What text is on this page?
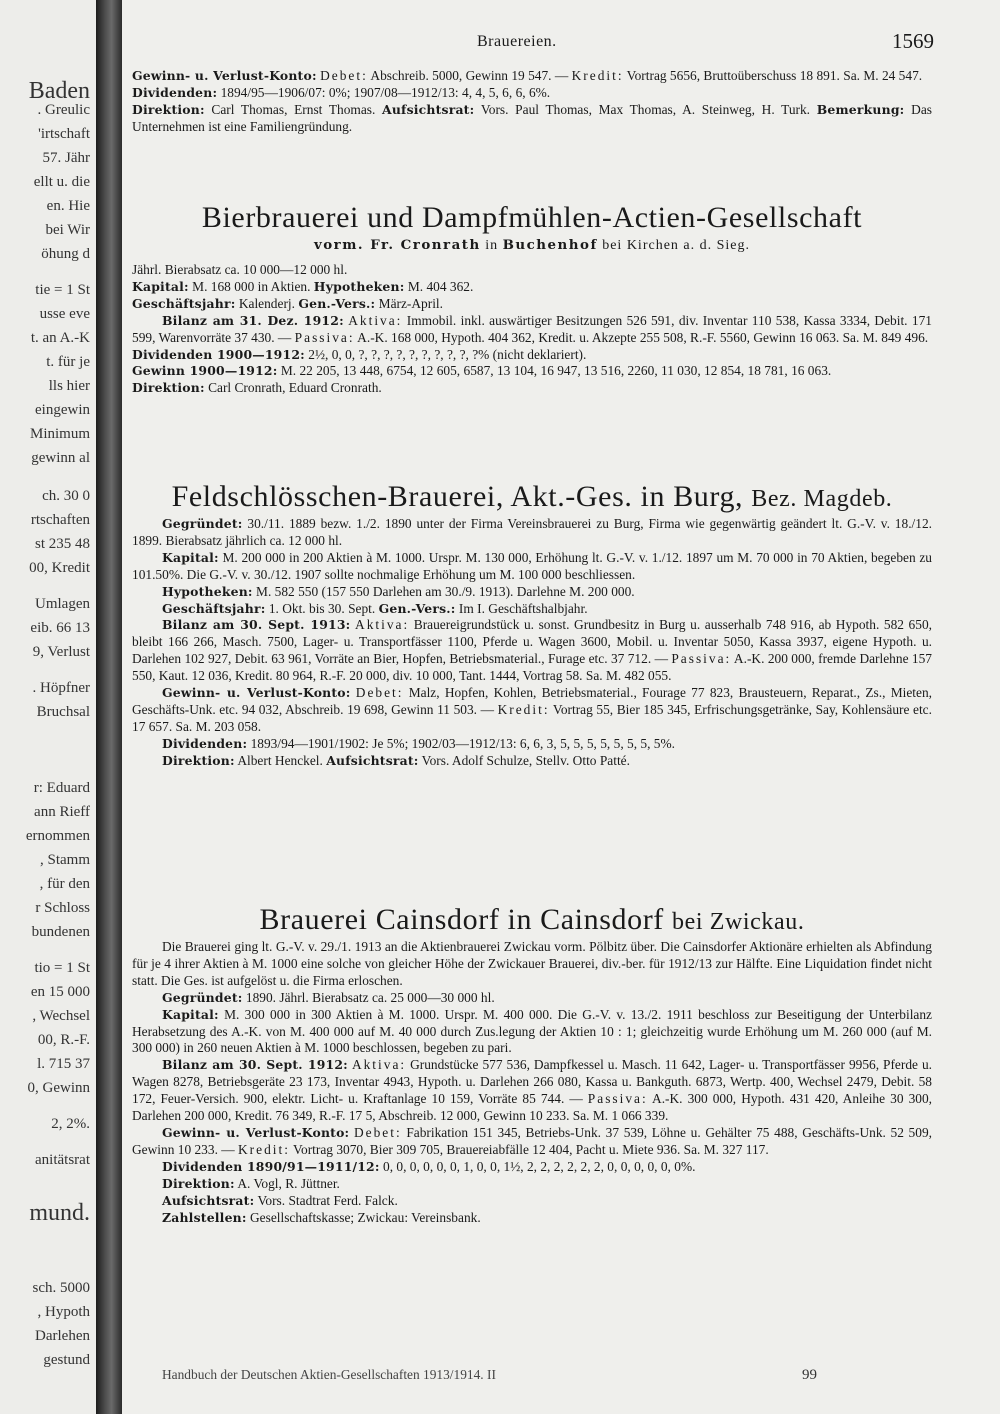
Baden
. Greulic
'irtschaft
57. Jähr
ellt u. die
en. Hie
bei Wir
öhung d
tie = 1 St
usse eve
t. an A.-K
t. für je
lls hier
eingewin
Minimum
gewinn al
ch. 30 0
rtschaften
st 235 48
00, Kredit
Umlagen
eib. 66 13
9, Verlust
. Höpfner
Bruchsal
r: Eduard
ann Rieff
ernommen
, Stamm
, für den
r Schloss
bundenen
tio = 1 St
en 15 000
, Wechsel
00, R.-F.
l. 715 37
0, Gewinn
2, 2%.
anitätsrat
mund.
sch. 5000
, Hypoth
Darlehen
gestund
Brauereien.	1569

Gewinn- u. Verlust-Konto: Debet: Abschreib. 5000, Gewinn 19 547. — Kredit: Vortrag 5656, Bruttoüberschuss 18 891. Sa. M. 24 547.

Dividenden: 1894/95—1906/07: 0%; 1907/08—1912/13: 4, 4, 5, 6, 6, 6%.

Direktion: Carl Thomas, Ernst Thomas. Aufsichtsrat: Vors. Paul Thomas, Max Thomas, A. Steinweg, H. Turk. Bemerkung: Das Unternehmen ist eine Familiengründung.

Bierbrauerei und Dampfmühlen-Actien-Gesellschaft
vorm. Fr. Cronrath in Buchenhof bei Kirchen a. d. Sieg.

Jährl. Bierabsatz ca. 10 000—12 000 hl.

Kapital: M. 168 000 in Aktien. Hypotheken: M. 404 362.

Geschäftsjahr: Kalenderj. Gen.-Vers.: März-April.

Bilanz am 31. Dez. 1912: Aktiva: Immobil. inkl. auswärtiger Besitzungen 526 591, div. Inventar 110 538, Kassa 3334, Debit. 171 599, Warenvorräte 37 430. — Passiva: A.-K. 168 000, Hypoth. 404 362, Kredit. u. Akzepte 255 508, R.-F. 5560, Gewinn 16 063. Sa. M. 849 496.

Dividenden 1900—1912: 2½, 0, 0, ?, ?, ?, ?, ?, ?, ?, ?, ?, ?% (nicht deklariert).

Gewinn 1900—1912: M. 22 205, 13 448, 6754, 12 605, 6587, 13 104, 16 947, 13 516, 2260, 11 030, 12 854, 18 781, 16 063.

Direktion: Carl Cronrath, Eduard Cronrath.

Feldschlösschen-Brauerei, Akt.-Ges. in Burg, Bez. Magdeb.

Gegründet: 30./11. 1889 bezw. 1./2. 1890 unter der Firma Vereinsbrauerei zu Burg, Firma wie gegenwärtig geändert lt. G.-V. v. 18./12. 1899. Bierabsatz jährlich ca. 12 000 hl.

Kapital: M. 200 000 in 200 Aktien à M. 1000. Urspr. M. 130 000, Erhöhung lt. G.-V. v. 1./12. 1897 um M. 70 000 in 70 Aktien, begeben zu 101.50%. Die G.-V. v. 30./12. 1907 sollte nochmalige Erhöhung um M. 100 000 beschliessen.

Hypotheken: M. 582 550 (157 550 Darlehen am 30./9. 1913). Darlehne M. 200 000.

Geschäftsjahr: 1. Okt. bis 30. Sept. Gen.-Vers.: Im I. Geschäftshalbjahr.

Bilanz am 30. Sept. 1913: Aktiva: Brauereigrundstück u. sonst. Grundbesitz in Burg u. ausserhalb 748 916, ab Hypoth. 582 650, bleibt 166 266, Masch. 7500, Lager- u. Transportfässer 1100, Pferde u. Wagen 3600, Mobil. u. Inventar 5050, Kassa 3937, eigene Hypoth. u. Darlehen 102 927, Debit. 63 961, Vorräte an Bier, Hopfen, Betriebsmaterial., Furage etc. 37 712. — Passiva: A.-K. 200 000, fremde Darlehne 157 550, Kaut. 12 036, Kredit. 80 964, R.-F. 20 000, div. 10 000, Tant. 1444, Vortrag 58. Sa. M. 482 055.

Gewinn- u. Verlust-Konto: Debet: Malz, Hopfen, Kohlen, Betriebsmaterial., Fourage 77 823, Brausteuern, Reparat., Zs., Mieten, Geschäfts-Unk. etc. 94 032, Abschreib. 19 698, Gewinn 11 503. — Kredit: Vortrag 55, Bier 185 345, Erfrischungsgetränke, Say, Kohlensäure etc. 17 657. Sa. M. 203 058.

Dividenden: 1893/94—1901/1902: Je 5%; 1902/03—1912/13: 6, 6, 3, 5, 5, 5, 5, 5, 5, 5, 5%.

Direktion: Albert Henckel. Aufsichtsrat: Vors. Adolf Schulze, Stellv. Otto Patté.

Brauerei Cainsdorf in Cainsdorf bei Zwickau.

Die Brauerei ging lt. G.-V. v. 29./1. 1913 an die Aktienbrauerei Zwickau vorm. Pölbitz über. Die Cainsdorfer Aktionäre erhielten als Abfindung für je 4 ihrer Aktien à M. 1000 eine solche von gleicher Höhe der Zwickauer Brauerei, div.-ber. für 1912/13 zur Hälfte. Eine Liquidation findet nicht statt. Die Ges. ist aufgelöst u. die Firma erloschen.

Gegründet: 1890. Jährl. Bierabsatz ca. 25 000—30 000 hl.

Kapital: M. 300 000 in 300 Aktien à M. 1000. Urspr. M. 400 000. Die G.-V. v. 13./2. 1911 beschloss zur Beseitigung der Unterbilanz Herabsetzung des A.-K. von M. 400 000 auf M. 40 000 durch Zus.legung der Aktien 10 : 1; gleichzeitig wurde Erhöhung um M. 260 000 (auf M. 300 000) in 260 neuen Aktien à M. 1000 beschlossen, begeben zu pari.

Bilanz am 30. Sept. 1912: Aktiva: Grundstücke 577 536, Dampfkessel u. Masch. 11 642, Lager- u. Transportfässer 9956, Pferde u. Wagen 8278, Betriebsgeräte 23 173, Inventar 4943, Hypoth. u. Darlehen 266 080, Kassa u. Bankguth. 6873, Wertp. 400, Wechsel 2479, Debit. 58 172, Feuer-Versich. 900, elektr. Licht- u. Kraftanlage 10 159, Vorräte 85 744. — Passiva: A.-K. 300 000, Hypoth. 431 420, Anleihe 30 300, Darlehen 200 000, Kredit. 76 349, R.-F. 17 5, Abschreib. 12 000, Gewinn 10 233. Sa. M. 1 066 339.

Gewinn- u. Verlust-Konto: Debet: Fabrikation 151 345, Betriebs-Unk. 37 539, Löhne u. Gehälter 75 488, Geschäfts-Unk. 52 509, Gewinn 10 233. — Kredit: Vortrag 3070, Bier 309 705, Brauereiabfälle 12 404, Pacht u. Miete 936. Sa. M. 327 117.

Dividenden 1890/91—1911/12: 0, 0, 0, 0, 0, 0, 1, 0, 0, 1½, 2, 2, 2, 2, 2, 2, 0, 0, 0, 0, 0, 0%.

Direktion: A. Vogl, R. Jüttner.

Aufsichtsrat: Vors. Stadtrat Ferd. Falck.

Zahlstellen: Gesellschaftskasse; Zwickau: Vereinsbank.

Handbuch der Deutschen Aktien-Gesellschaften 1913/1914. II	99
